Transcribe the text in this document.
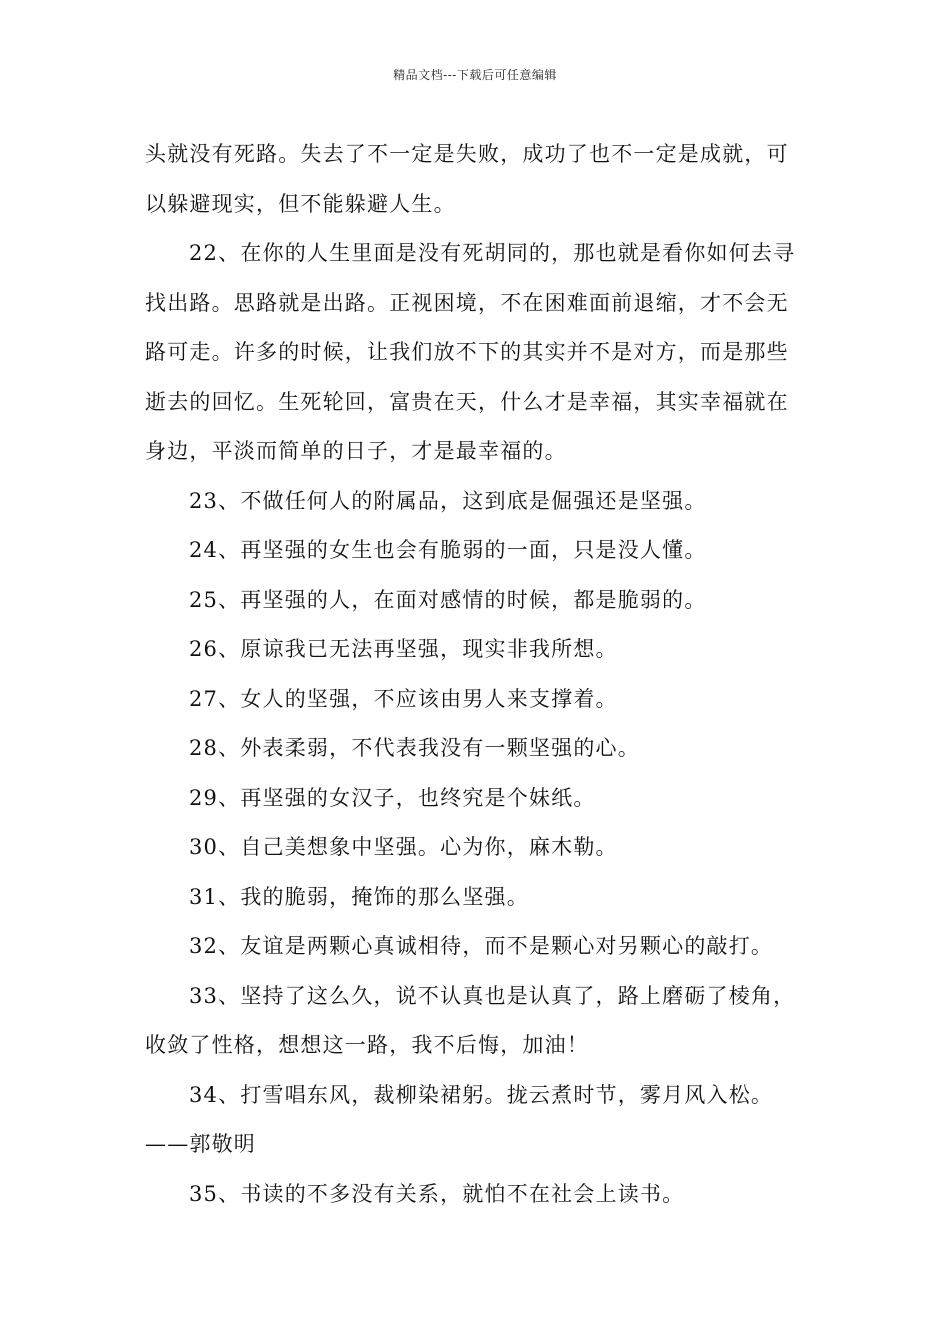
精品文档---下载后可任意编辑

头就没有死路。失去了不一定是失败，成功了也不一定是成就，可以躲避现实，但不能躲避人生。

22、在你的人生里面是没有死胡同的，那也就是看你如何去寻找出路。思路就是出路。正视困境，不在困难面前退缩，才不会无路可走。许多的时候，让我们放不下的其实并不是对方，而是那些逝去的回忆。生死轮回，富贵在天，什么才是幸福，其实幸福就在身边，平淡而简单的日子，才是最幸福的。

23、不做任何人的附属品，这到底是倔强还是坚强。

24、再坚强的女生也会有脆弱的一面，只是没人懂。

25、再坚强的人，在面对感情的时候，都是脆弱的。

26、原谅我已无法再坚强，现实非我所想。

27、女人的坚强，不应该由男人来支撑着。

28、外表柔弱，不代表我没有一颗坚强的心。

29、再坚强的女汉子，也终究是个妹纸。

30、自己美想象中坚强。心为你，麻木勒。

31、我的脆弱，掩饰的那么坚强。

32、友谊是两颗心真诚相待，而不是颗心对另颗心的敲打。

33、坚持了这么久，说不认真也是认真了，路上磨砺了棱角，收敛了性格，想想这一路，我不后悔，加油！

34、打雪唱东风，裁柳染裙躬。拢云煮时节，雾月风入松。 ——郭敬明

35、书读的不多没有关系，就怕不在社会上读书。
